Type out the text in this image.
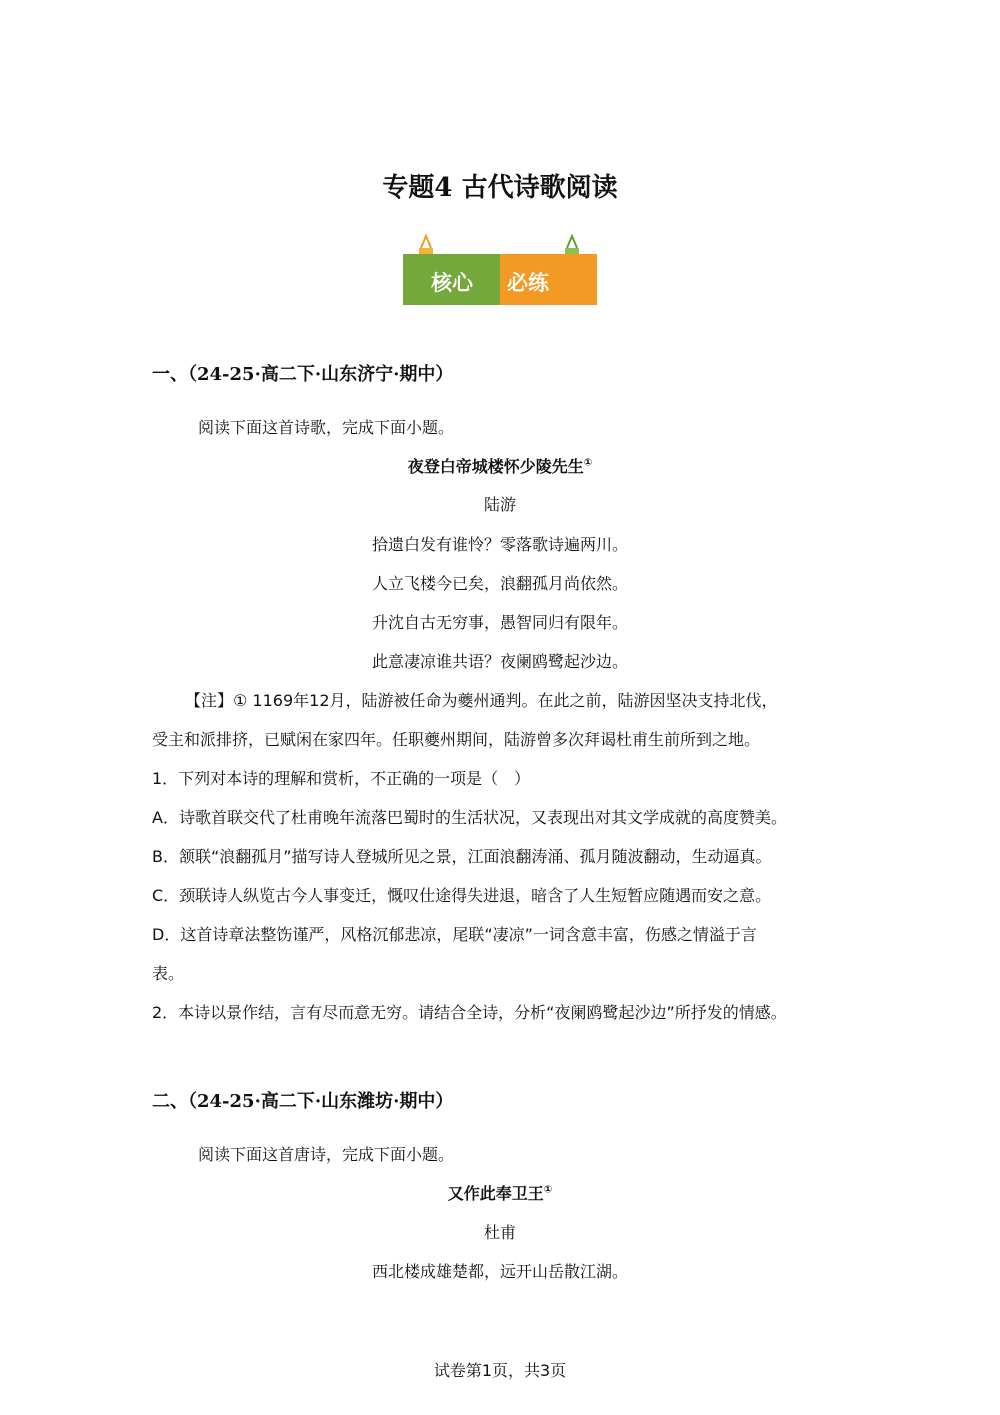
专题4 古代诗歌阅读
核心 必练
一、（24-25·高二下·山东济宁·期中）
阅读下面这首诗歌，完成下面小题。
夜登白帝城楼怀少陵先生①
陆游
拾遗白发有谁怜？零落歌诗遍两川。
人立飞楼今已矣，浪翻孤月尚依然。
升沈自古无穷事，愚智同归有限年。
此意凄凉谁共语？夜阑鸥鹭起沙边。
【注】① 1169年12月，陆游被任命为夔州通判。在此之前，陆游因坚决支持北伐，
受主和派排挤，已赋闲在家四年。任职夔州期间，陆游曾多次拜谒杜甫生前所到之地。
1．下列对本诗的理解和赏析，不正确的一项是（　）
A．诗歌首联交代了杜甫晚年流落巴蜀时的生活状况，又表现出对其文学成就的高度赞美。
B．颔联“浪翻孤月”描写诗人登城所见之景，江面浪翻涛涌、孤月随波翻动，生动逼真。
C．颈联诗人纵览古今人事变迁，慨叹仕途得失进退，暗含了人生短暂应随遇而安之意。
D．这首诗章法整饬谨严，风格沉郁悲凉，尾联“凄凉”一词含意丰富，伤感之情溢于言
表。
2．本诗以景作结，言有尽而意无穷。请结合全诗，分析“夜阑鸥鹭起沙边”所抒发的情感。
二、（24-25·高二下·山东潍坊·期中）
阅读下面这首唐诗，完成下面小题。
又作此奉卫王①
杜甫
西北楼成雄楚都，远开山岳散江湖。
试卷第1页，共3页
